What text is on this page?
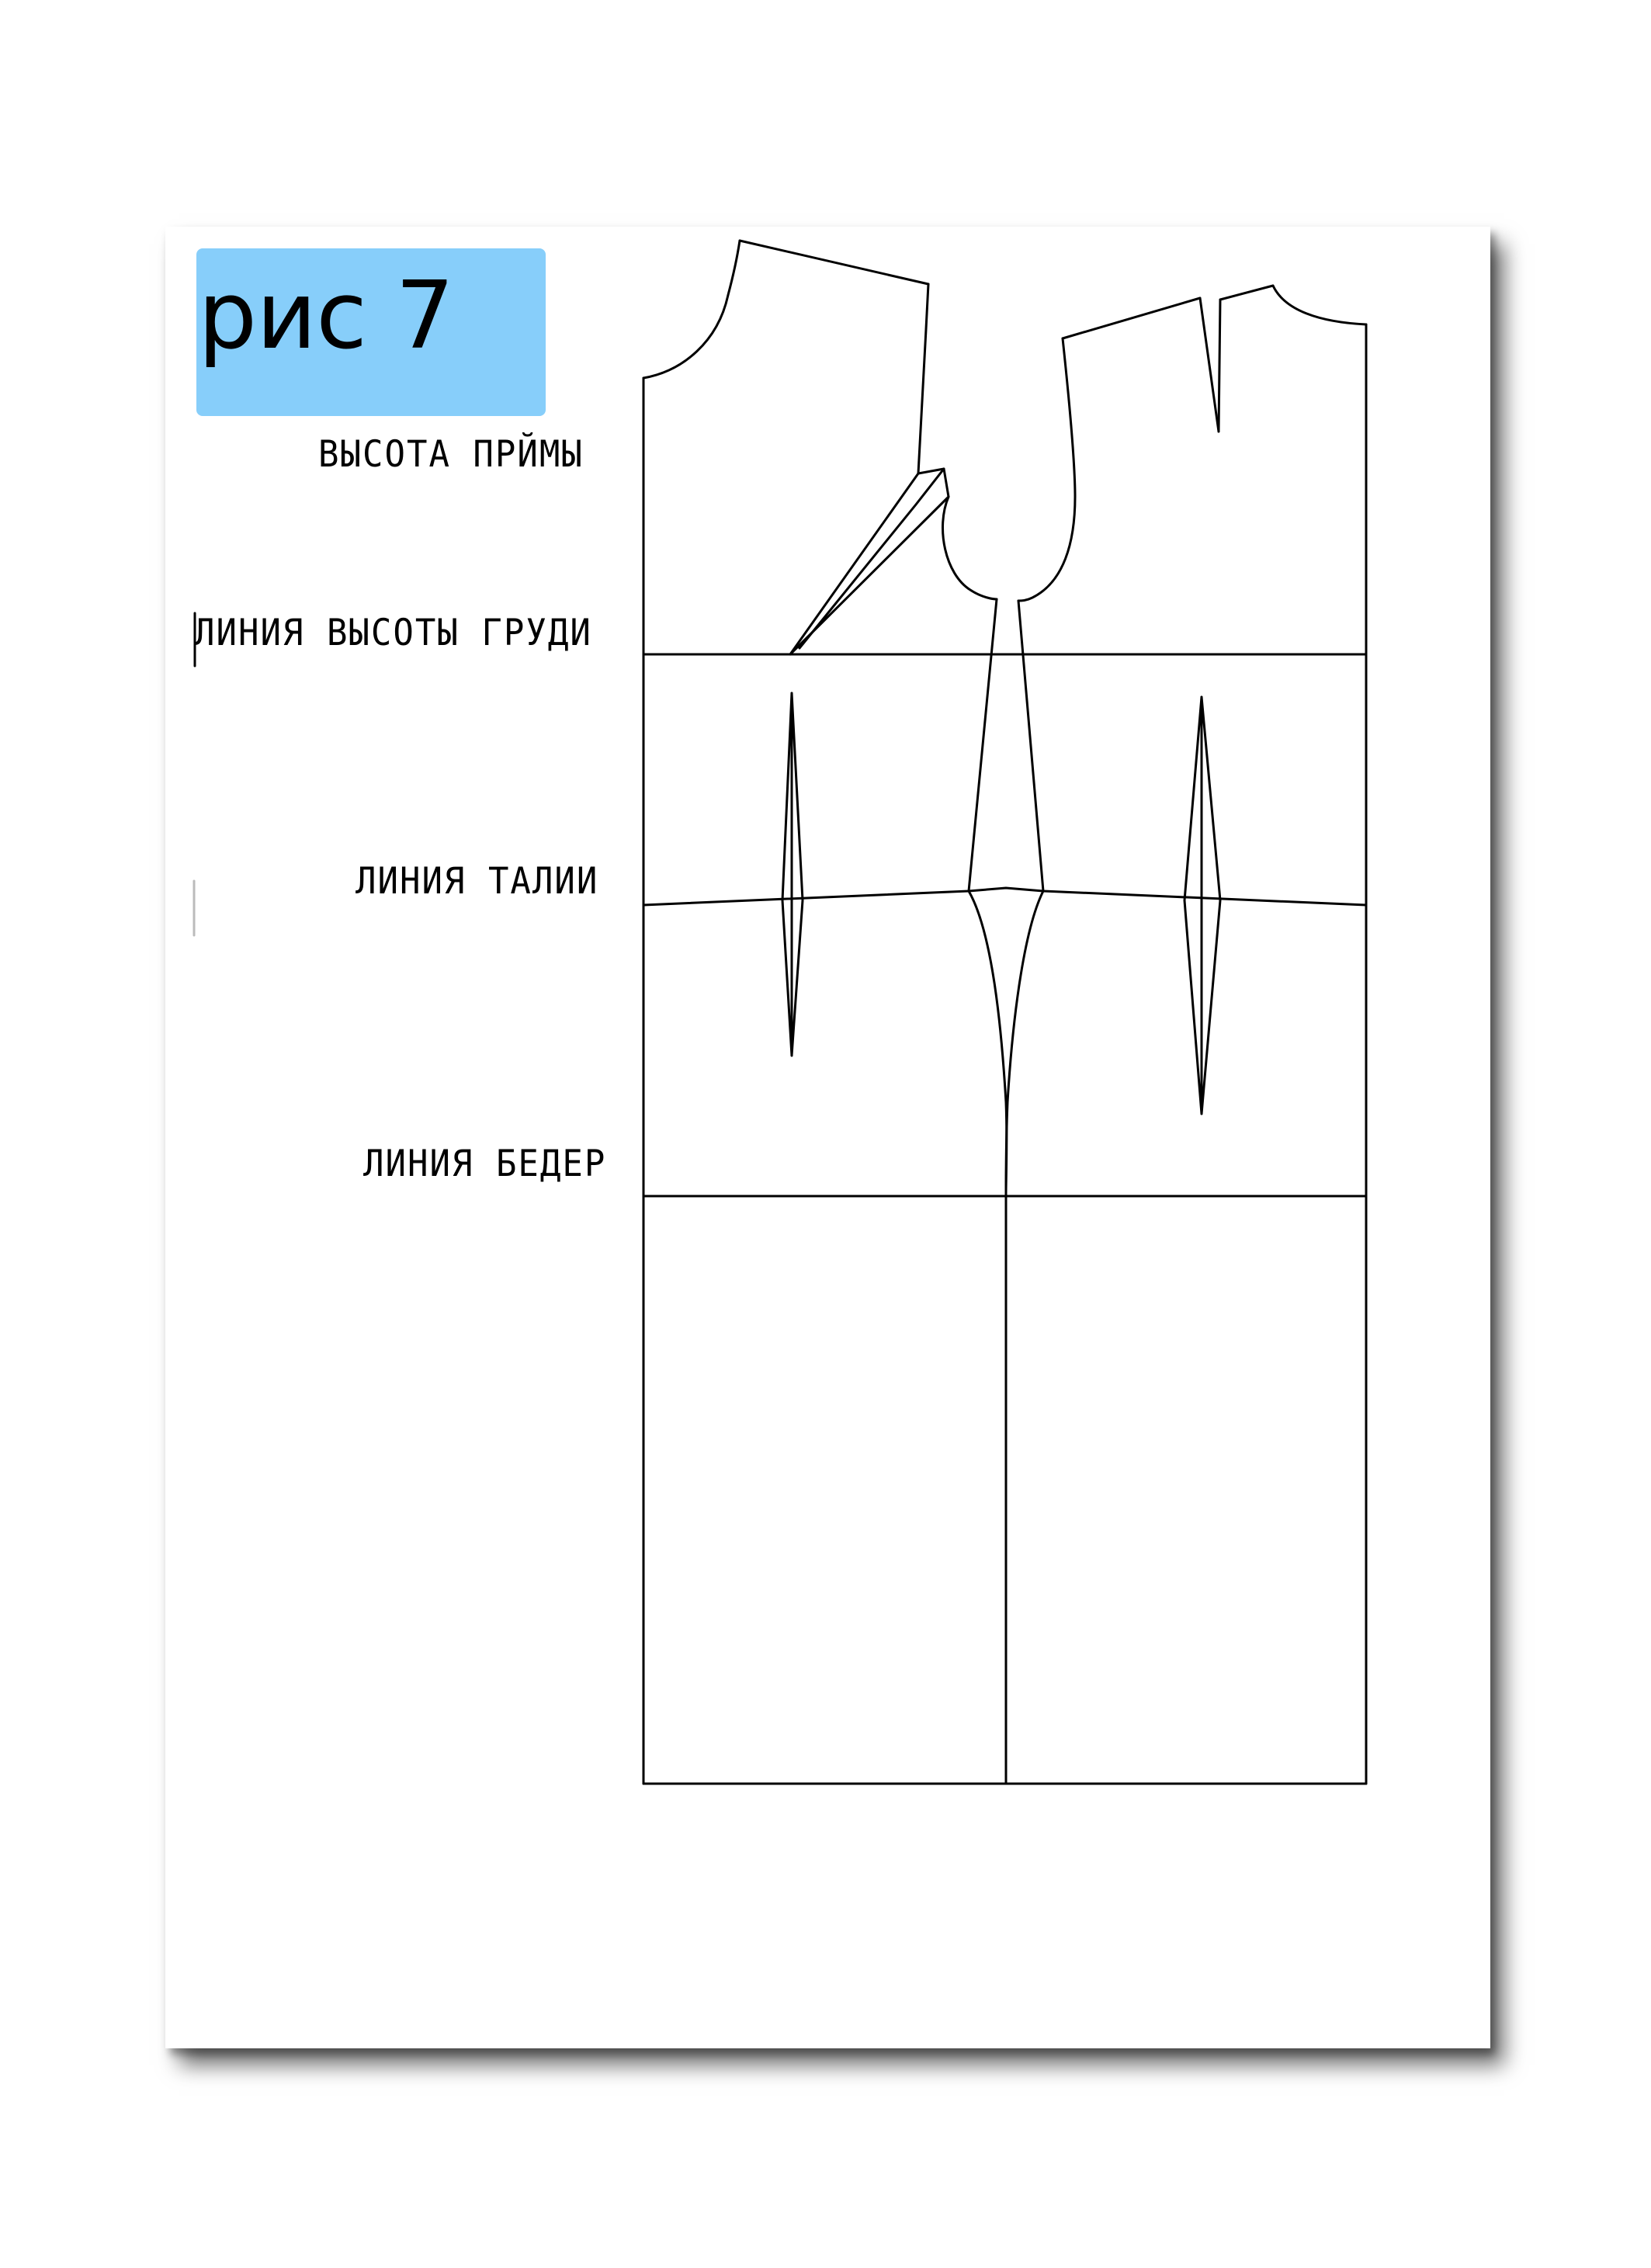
рис 7
ВЫСОТА ПРЙМЫ
ЛИНИЯ ВЫСОТЫ ГРУДИ
ЛИНИЯ ТАЛИИ
ЛИНИЯ БЕДЕР
